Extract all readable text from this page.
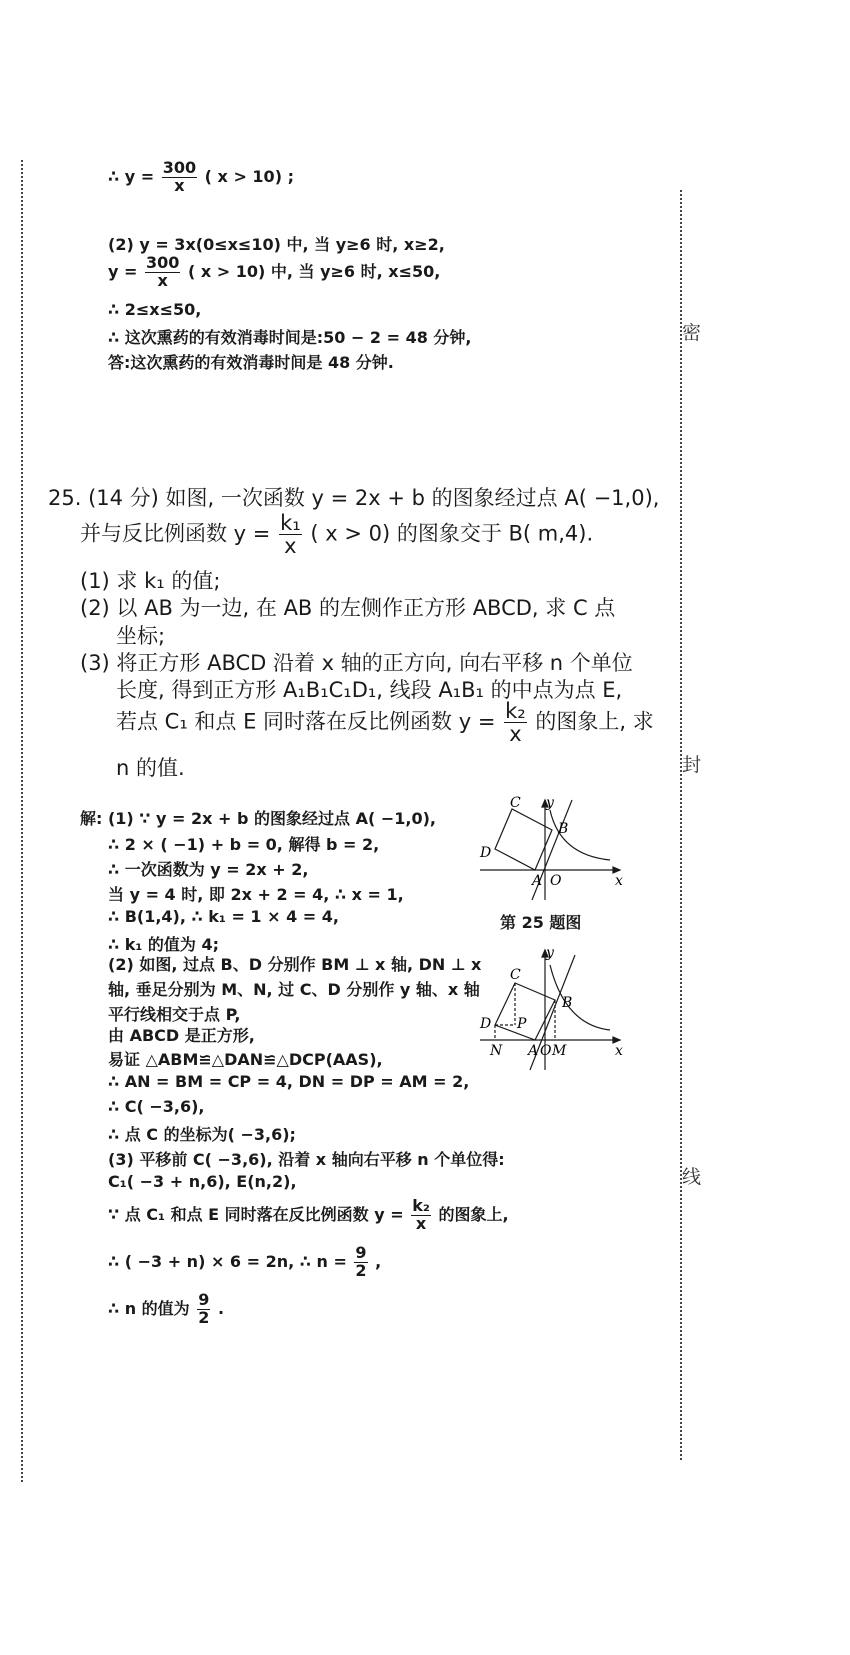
密
封
线
∴ $y = \frac{300}{x}$ ( x > 10) ;
(2) y = 3x(0≤x≤10) 中, 当 y≥6 时, x≥2,
$y = \frac{300}{x}$ ( x > 10) 中, 当 y≥6 时, x≤50,
∴ 2≤x≤50,
∴ 这次熏药的有效消毒时间是:50 − 2 = 48 分钟,
答:这次熏药的有效消毒时间是 48 分钟.
25. (14 分) 如图, 一次函数 y = 2x + b 的图象经过点 A( −1,0),
并与反比例函数 $y = \frac{\text{k₁}}{x}$ ( x > 0) 的图象交于 B( m,4).
(1) 求 k₁ 的值;
(2) 以 AB 为一边, 在 AB 的左侧作正方形 ABCD, 求 C 点
坐标;
(3) 将正方形 ABCD 沿着 x 轴的正方向, 向右平移 n 个单位
长度, 得到正方形 A₁B₁C₁D₁, 线段 A₁B₁ 的中点为点 E,
若点 C₁ 和点 E 同时落在反比例函数 $y = \frac{\text{k₂}}{x}$ 的图象上, 求
n 的值.
解: (1) ∵ y = 2x + b 的图象经过点 A( −1,0),
∴ 2 × ( −1) + b = 0, 解得 b = 2,
∴ 一次函数为 y = 2x + 2,
当 y = 4 时, 即 2x + 2 = 4, ∴ x = 1,
∴ B(1,4), ∴ k₁ = 1 × 4 = 4,
∴ k₁ 的值为 4;
(2) 如图, 过点 B、D 分别作 BM ⊥ x 轴, DN ⊥ x
轴, 垂足分别为 M、N, 过 C、D 分别作 y 轴、x 轴
平行线相交于点 P,
由 ABCD 是正方形,
易证 △ABM≌△DAN≌△DCP(AAS),
∴ AN = BM = CP = 4, DN = DP = AM = 2,
∴ C( −3,6),
∴ 点 C 的坐标为( −3,6);
(3) 平移前 C( −3,6), 沿着 x 轴向右平移 n 个单位得:
C₁( −3 + n,6), E(n,2),
∵ 点 C₁ 和点 E 同时落在反比例函数 $y = \frac{\text{k₂}}{x}$ 的图象上,
∴ ( −3 + n) × 6 = 2n, ∴ $n = \frac{9}{2}$ ,
∴ n 的值为 $\frac{9}{2}$ .
y
x
C
B
D
A O
第 25 题图
y
x
C
B
D P
N A O M
